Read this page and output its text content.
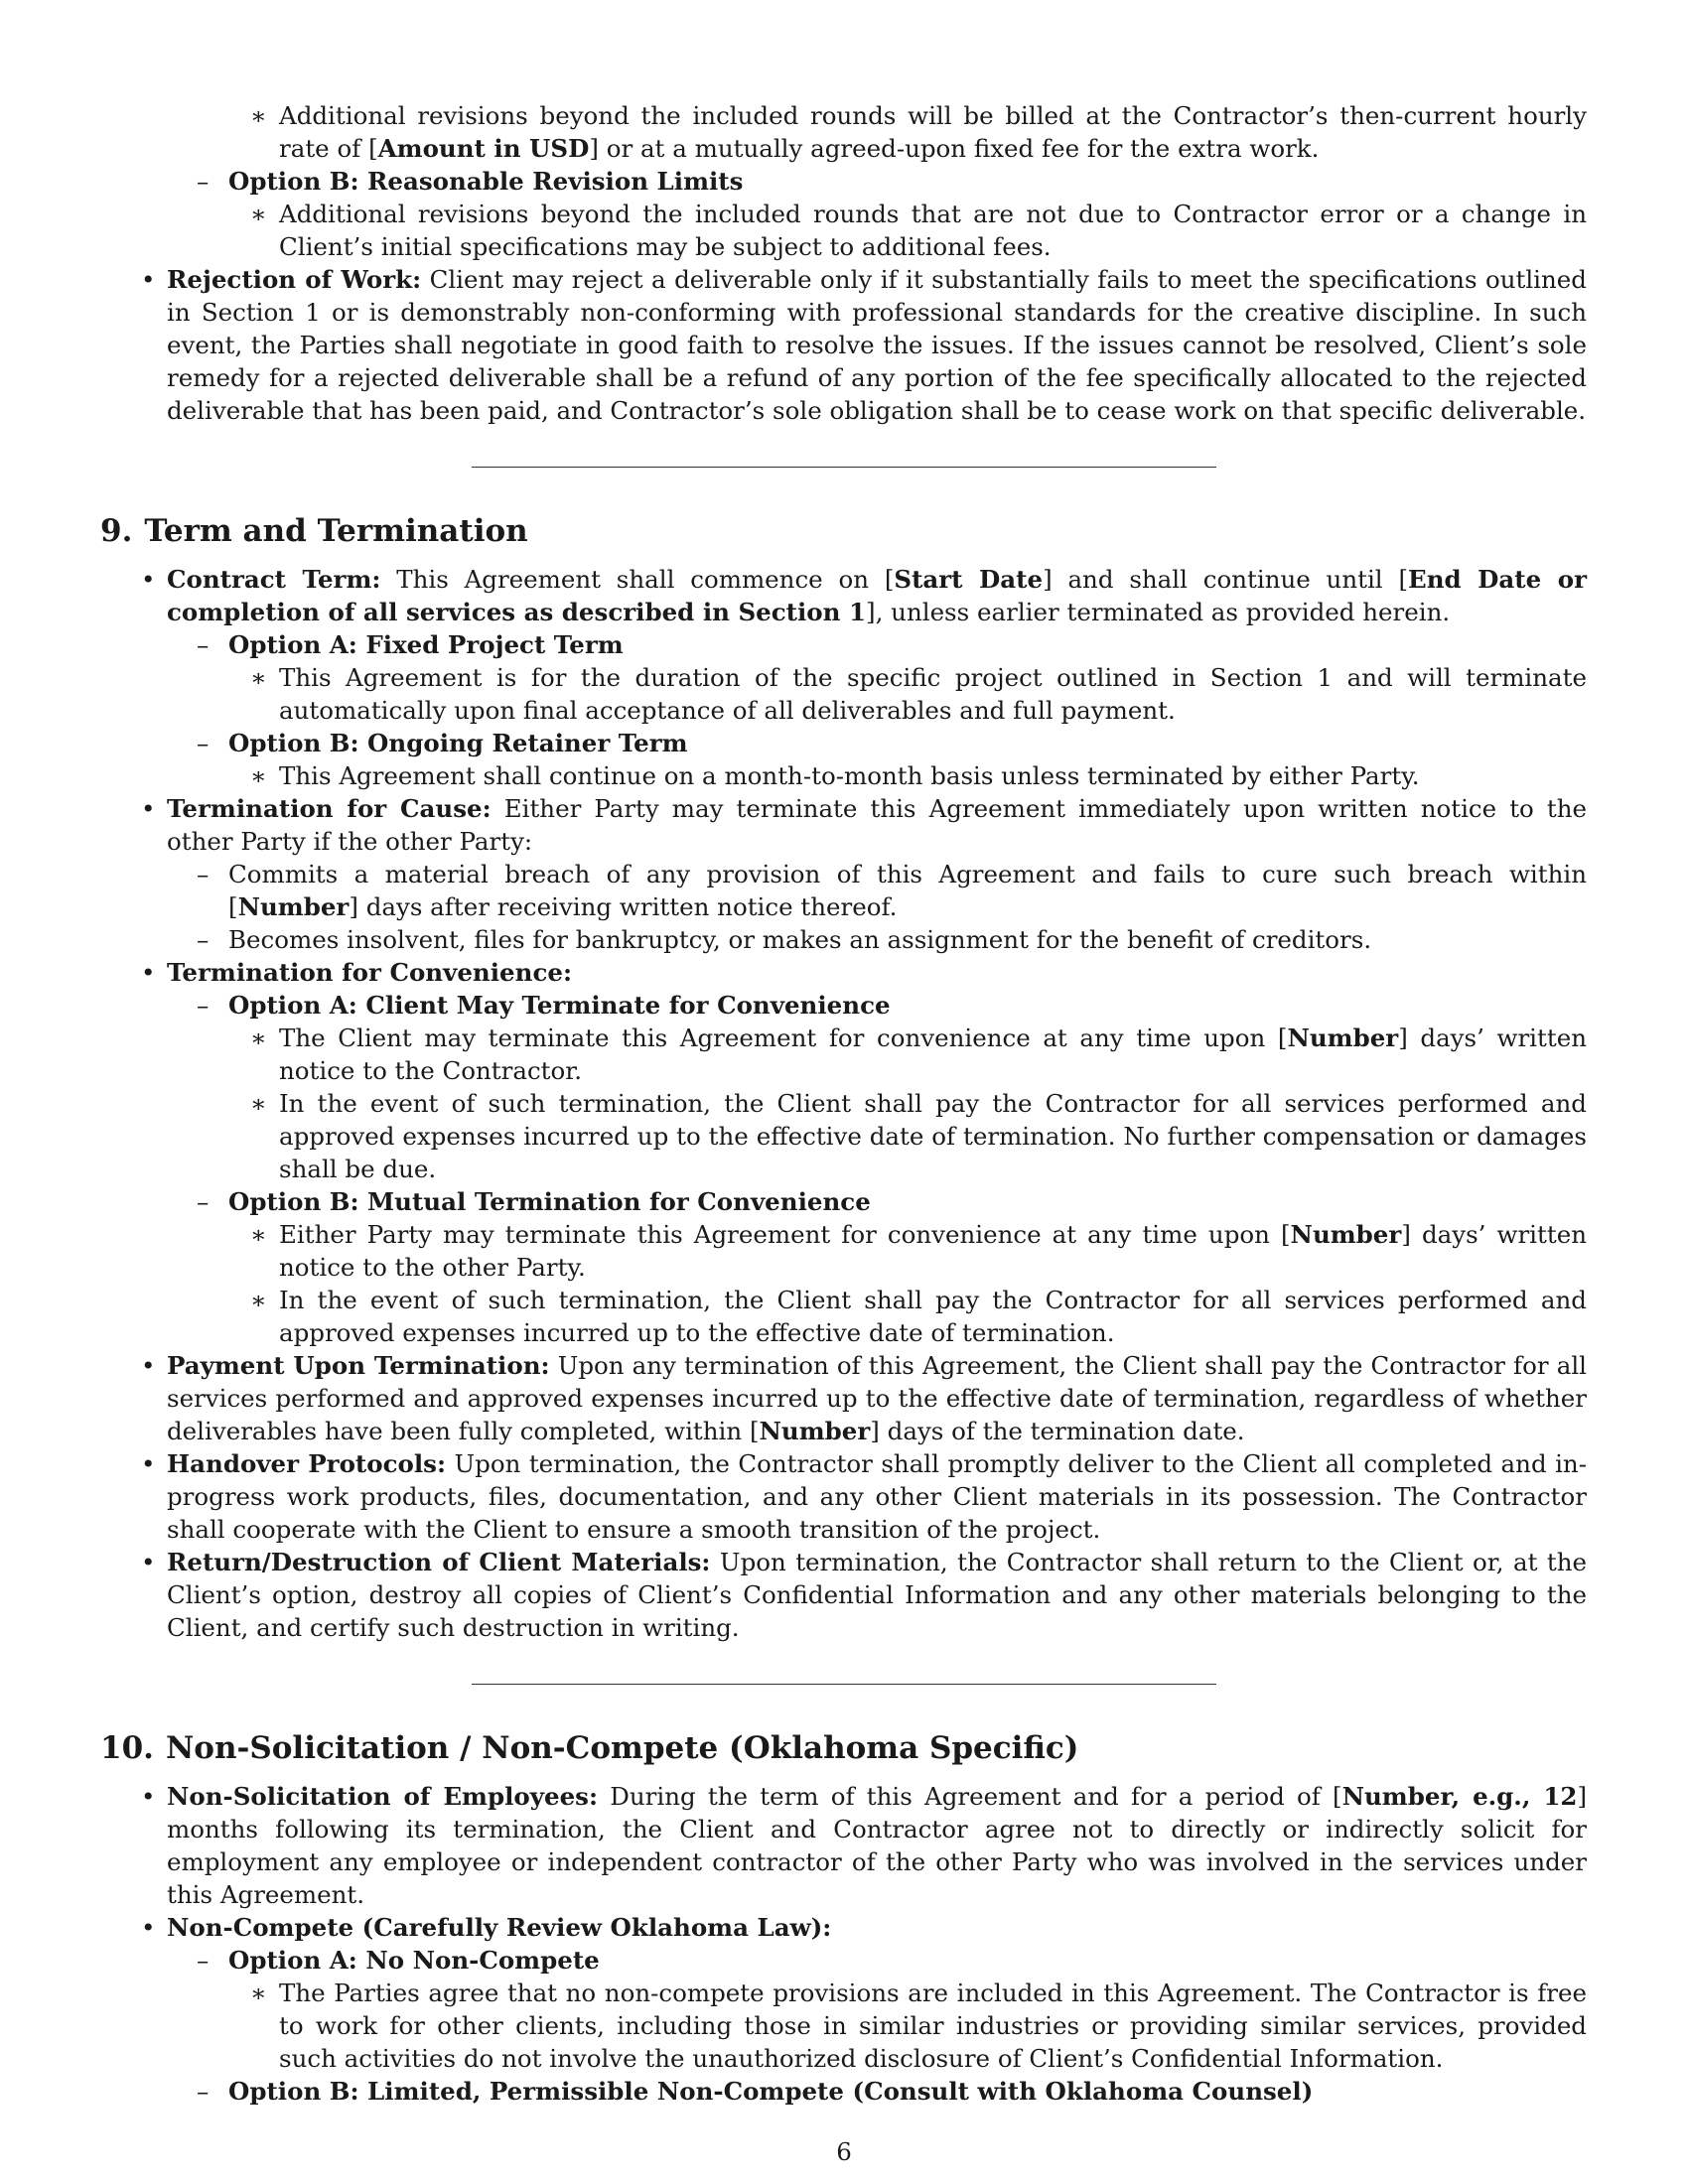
∗ Additional revisions beyond the included rounds will be billed at the Contractor’s then-current hourly rate of [Amount in USD] or at a mutually agreed-upon fixed fee for the extra work.
– Option B: Reasonable Revision Limits
∗ Additional revisions beyond the included rounds that are not due to Contractor error or a change in Client’s initial specifications may be subject to additional fees.
• Rejection of Work: Client may reject a deliverable only if it substantially fails to meet the specifications outlined in Section 1 or is demonstrably non-conforming with professional standards for the creative discipline. In such event, the Parties shall negotiate in good faith to resolve the issues. If the issues cannot be resolved, Client’s sole remedy for a rejected deliverable shall be a refund of any portion of the fee specifically allocated to the rejected deliverable that has been paid, and Contractor’s sole obligation shall be to cease work on that specific deliverable.
9. Term and Termination
• Contract Term: This Agreement shall commence on [Start Date] and shall continue until [End Date or completion of all services as described in Section 1], unless earlier terminated as provided herein.
– Option A: Fixed Project Term
∗ This Agreement is for the duration of the specific project outlined in Section 1 and will terminate automatically upon final acceptance of all deliverables and full payment.
– Option B: Ongoing Retainer Term
∗ This Agreement shall continue on a month-to-month basis unless terminated by either Party.
• Termination for Cause: Either Party may terminate this Agreement immediately upon written notice to the other Party if the other Party:
– Commits a material breach of any provision of this Agreement and fails to cure such breach within [Number] days after receiving written notice thereof.
– Becomes insolvent, files for bankruptcy, or makes an assignment for the benefit of creditors.
• Termination for Convenience:
– Option A: Client May Terminate for Convenience
∗ The Client may terminate this Agreement for convenience at any time upon [Number] days’ written notice to the Contractor.
∗ In the event of such termination, the Client shall pay the Contractor for all services performed and approved expenses incurred up to the effective date of termination. No further compensation or damages shall be due.
– Option B: Mutual Termination for Convenience
∗ Either Party may terminate this Agreement for convenience at any time upon [Number] days’ written notice to the other Party.
∗ In the event of such termination, the Client shall pay the Contractor for all services performed and approved expenses incurred up to the effective date of termination.
• Payment Upon Termination: Upon any termination of this Agreement, the Client shall pay the Contractor for all services performed and approved expenses incurred up to the effective date of termination, regardless of whether deliverables have been fully completed, within [Number] days of the termination date.
• Handover Protocols: Upon termination, the Contractor shall promptly deliver to the Client all completed and in-progress work products, files, documentation, and any other Client materials in its possession. The Contractor shall cooperate with the Client to ensure a smooth transition of the project.
• Return/Destruction of Client Materials: Upon termination, the Contractor shall return to the Client or, at the Client’s option, destroy all copies of Client’s Confidential Information and any other materials belonging to the Client, and certify such destruction in writing.
10. Non-Solicitation / Non-Compete (Oklahoma Specific)
• Non-Solicitation of Employees: During the term of this Agreement and for a period of [Number, e.g., 12] months following its termination, the Client and Contractor agree not to directly or indirectly solicit for employment any employee or independent contractor of the other Party who was involved in the services under this Agreement.
• Non-Compete (Carefully Review Oklahoma Law):
– Option A: No Non-Compete
∗ The Parties agree that no non-compete provisions are included in this Agreement. The Contractor is free to work for other clients, including those in similar industries or providing similar services, provided such activities do not involve the unauthorized disclosure of Client’s Confidential Information.
– Option B: Limited, Permissible Non-Compete (Consult with Oklahoma Counsel)
6
